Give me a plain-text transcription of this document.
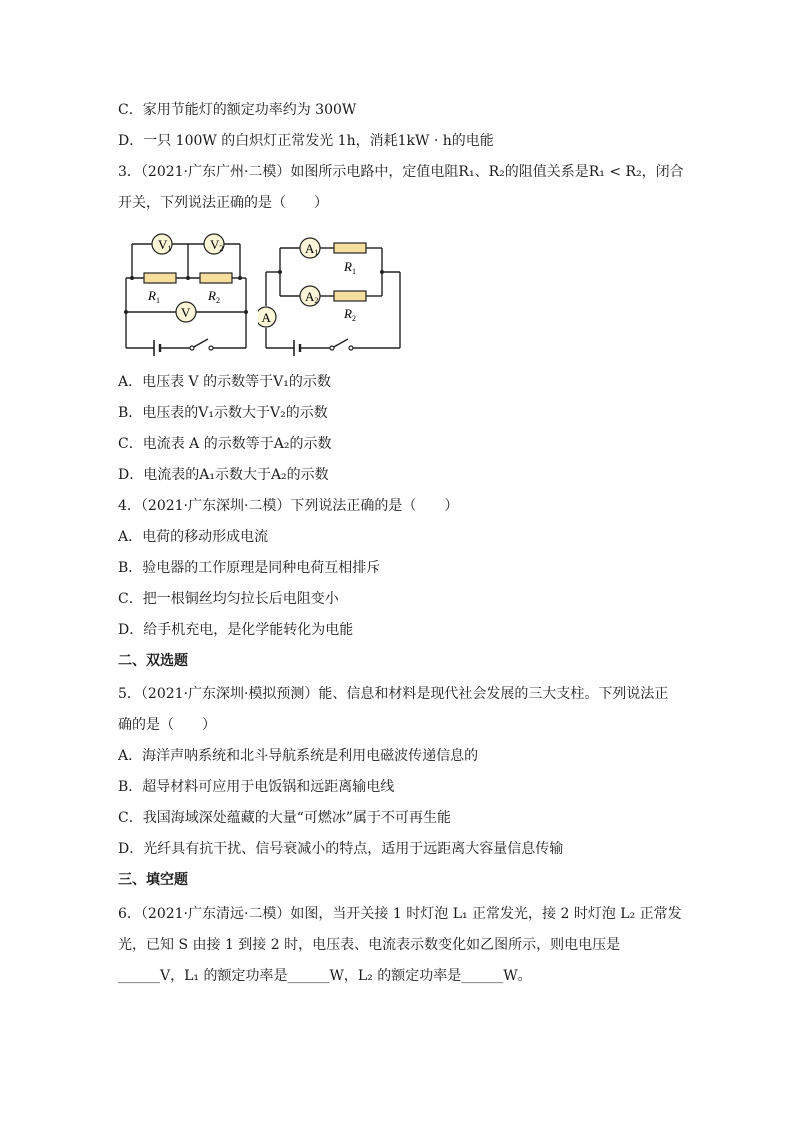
C．家用节能灯的额定功率约为 300W
D．一只 100W 的白炽灯正常发光 1h，消耗1kW · h的电能
3．（2021·广东广州·二模）如图所示电路中，定值电阻R₁、R₂的阻值关系是R₁ < R₂，闭合
开关，下列说法正确的是（　　）
V1	V2
V
$R_1$	$R_2$
A1
A2
A
$R_1$
$R_2$
A．电压表 V 的示数等于V₁的示数
B．电压表的V₁示数大于V₂的示数
C．电流表 A 的示数等于A₂的示数
D．电流表的A₁示数大于A₂的示数
4．（2021·广东深圳·二模）下列说法正确的是（　　）
A．电荷的移动形成电流
B．验电器的工作原理是同种电荷互相排斥
C．把一根铜丝均匀拉长后电阻变小
D．给手机充电，是化学能转化为电能
二、双选题
5．（2021·广东深圳·模拟预测）能、信息和材料是现代社会发展的三大支柱。下列说法正
确的是（　　）
A．海洋声呐系统和北斗导航系统是利用电磁波传递信息的
B．超导材料可应用于电饭锅和远距离输电线
C．我国海域深处蕴藏的大量“可燃冰”属于不可再生能
D．光纤具有抗干扰、信号衰减小的特点，适用于远距离大容量信息传输
三、填空题
6．（2021·广东清远·二模）如图，当开关接 1 时灯泡 L₁ 正常发光，接 2 时灯泡 L₂ 正常发
光，已知 S 由接 1 到接 2 时，电压表、电流表示数变化如乙图所示，则电电压是
______V，L₁ 的额定功率是______W，L₂ 的额定功率是______W。
